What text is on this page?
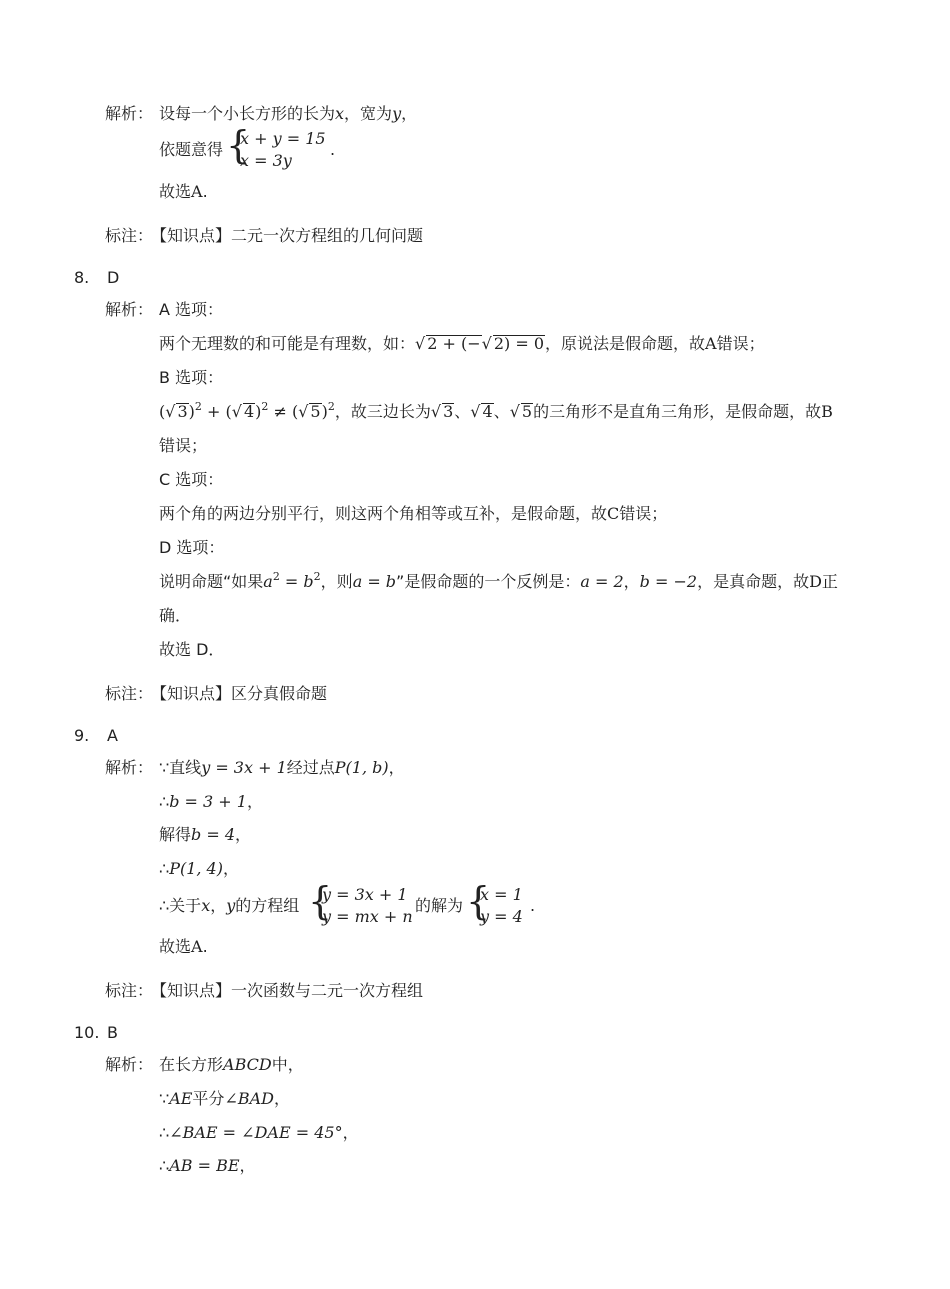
解析： 设每一个小长方形的长为x，宽为y，
依题意得 {
x + y = 15
x = 3y
.
故选A.
标注：
【知识点】二元一次方程组的几何问题
8. D
解析： A 选项：
两个无理数的和可能是有理数，如：√ 2 + (−√ 2) = 0，原说法是假命题，故A错误；
B 选项：
(√ 3)$^2$ + (√ 4)$^2$ ≠ (√ 5)$^2$，故三边长为√ 3、√ 4、√ 5的三角形不是直角三角形，是假命题，故B
错误；
C 选项：
两个角的两边分别平行，则这两个角相等或互补，是假命题，故C错误；
D 选项：
说明命题“如果$a^2 = b^2$，则a = b”是假命题的一个反例是：a = 2，b = −2，是真命题，故D正
确．
故选 D．
标注：
【知识点】区分真假命题
9. A
解析： ∵直线y = 3x + 1经过点P(1, b)，
∴b = 3 + 1，
解得b = 4，
∴P(1, 4)，
∴关于x，y的方程组 {
y = 3x + 1
y = mx + n
的解为 {
x = 1
y = 4
.
故选A.
标注：
【知识点】一次函数与二元一次方程组
10. B
解析： 在长方形ABCD中，
∵AE平分∠BAD，
∴∠BAE = ∠DAE = 45°，
∴AB = BE，
